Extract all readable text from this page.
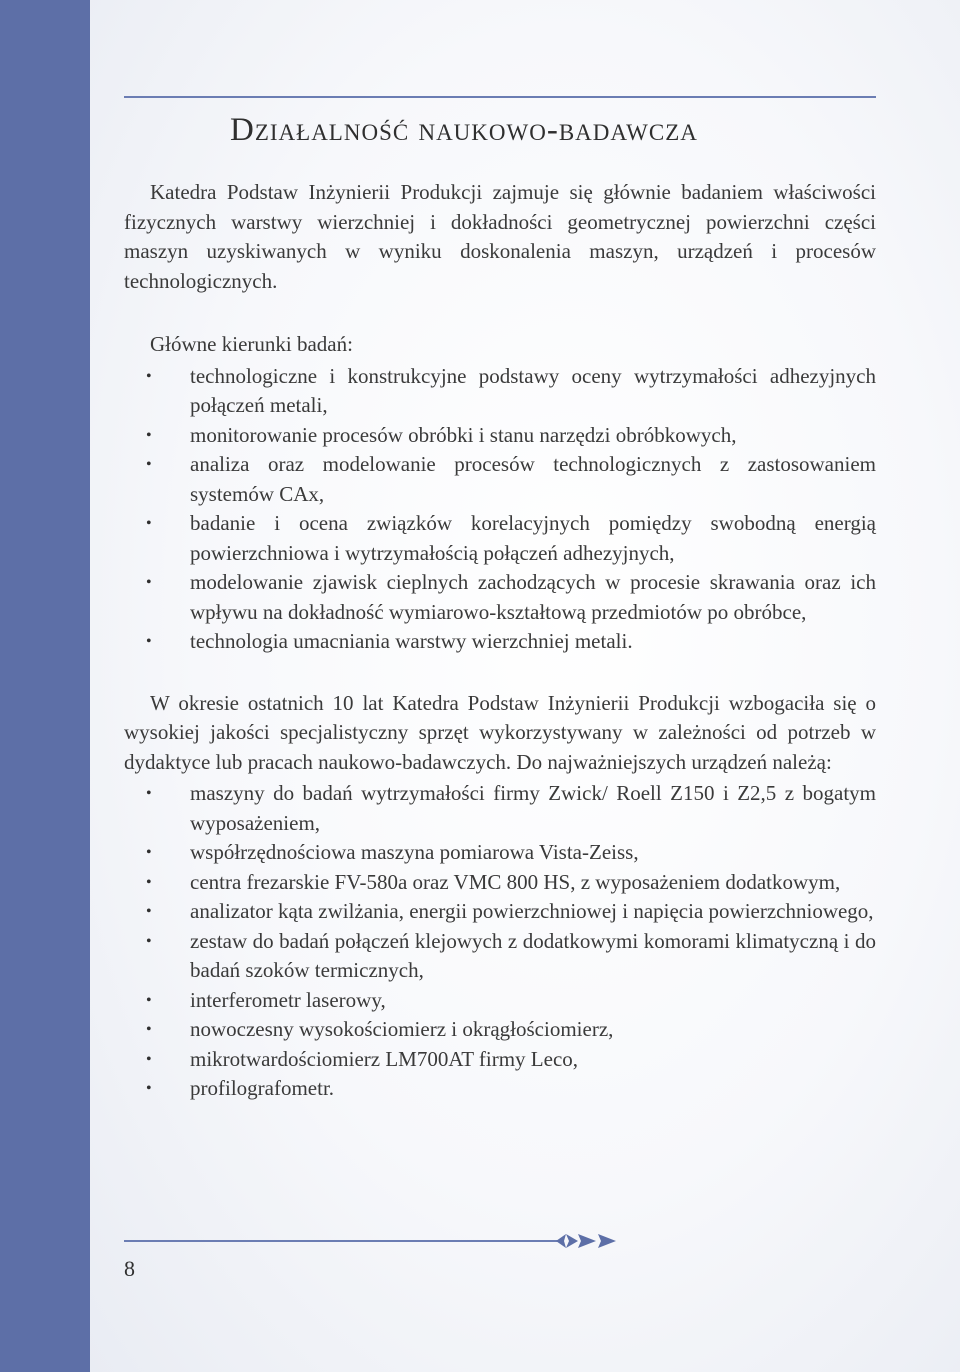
Działalność naukowo-badawcza

Katedra Podstaw Inżynierii Produkcji zajmuje się głównie badaniem właściwości fizycznych warstwy wierzchniej i dokładności geometrycznej powierzchni części maszyn uzyskiwanych w wyniku doskonalenia maszyn, urządzeń i procesów technologicznych.

Główne kierunki badań:
• technologiczne i konstrukcyjne podstawy oceny wytrzymałości adhezyjnych połączeń metali,
• monitorowanie procesów obróbki i stanu narzędzi obróbkowych,
• analiza oraz modelowanie procesów technologicznych z zastosowaniem systemów CAx,
• badanie i ocena związków korelacyjnych pomiędzy swobodną energią powierzchniowa i wytrzymałością połączeń adhezyjnych,
• modelowanie zjawisk cieplnych zachodzących w procesie skrawania oraz ich wpływu na dokładność wymiarowo-kształtową przedmiotów po obróbce,
• technologia umacniania warstwy wierzchniej metali.

W okresie ostatnich 10 lat Katedra Podstaw Inżynierii Produkcji wzbogaciła się o wysokiej jakości specjalistyczny sprzęt wykorzystywany w zależności od potrzeb w dydaktyce lub pracach naukowo-badawczych. Do najważniejszych urządzeń należą:

• maszyny do badań wytrzymałości firmy Zwick/ Roell Z150 i Z2,5 z bogatym wyposażeniem,
• współrzędnościowa maszyna pomiarowa Vista-Zeiss,
• centra frezarskie FV-580a oraz VMC 800 HS, z wyposażeniem dodatkowym,
• analizator kąta zwilżania, energii powierzchniowej i napięcia powierzchniowego,
• zestaw do badań połączeń klejowych z dodatkowymi komorami klimatyczną i do badań szoków termicznych,
• interferometr laserowy,
• nowoczesny wysokościomierz i okrągłościomierz,
• mikrotwardościomierz LM700AT firmy Leco,
• profilografometr.
8
